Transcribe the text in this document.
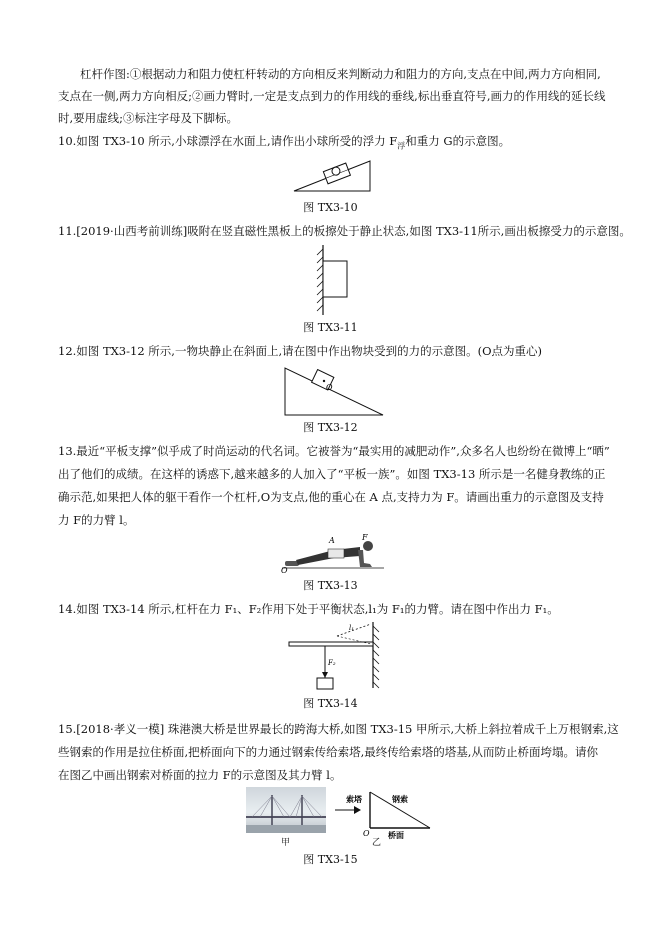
杠杆作图:①根据动力和阻力使杠杆转动的方向相反来判断动力和阻力的方向,支点在中间,两力方向相同,
支点在一侧,两力方向相反;②画力臂时,一定是支点到力的作用线的垂线,标出垂直符号,画力的作用线的延长线
时,要用虚线;③标注字母及下脚标。
10.如图 TX3-10 所示,小球漂浮在水面上,请作出小球所受的浮力 $F_浮$和重力 G的示意图。
图 TX3-10
11.[2019·山西考前训练]吸附在竖直磁性黑板上的板擦处于静止状态,如图 TX3-11所示,画出板擦受力的示意图。
图 TX3-11
12.如图 TX3-12 所示,一物块静止在斜面上,请在图中作出物块受到的力的示意图。(O点为重心)
O
图 TX3-12
13.最近“平板支撑”似乎成了时尚运动的代名词。它被誉为“最实用的减肥动作”,众多名人也纷纷在微博上“晒”
出了他们的成绩。在这样的诱惑下,越来越多的人加入了“平板一族”。如图 TX3-13 所示是一名健身教练的正
确示范,如果把人体的躯干看作一个杠杆,O为支点,他的重心在 A 点,支持力为 F。请画出重力的示意图及支持
力 F的力臂 l。
A	F
O
图 TX3-13
14.如图 TX3-14 所示,杠杆在力 F₁、F₂作用下处于平衡状态,l₁为 F₁的力臂。请在图中作出力 F₁。
l₁
F₂
图 TX3-14
15.[2018·孝义一模] 珠港澳大桥是世界最长的跨海大桥,如图 TX3-15 甲所示,大桥上斜拉着成千上万根钢索,这
些钢索的作用是拉住桥面,把桥面向下的力通过钢索传给索塔,最终传给索塔的塔基,从而防止桥面垮塌。请你
在图乙中画出钢索对桥面的拉力 F的示意图及其力臂 l。
甲
索塔	钢索
桥面
O
乙
图 TX3-15
